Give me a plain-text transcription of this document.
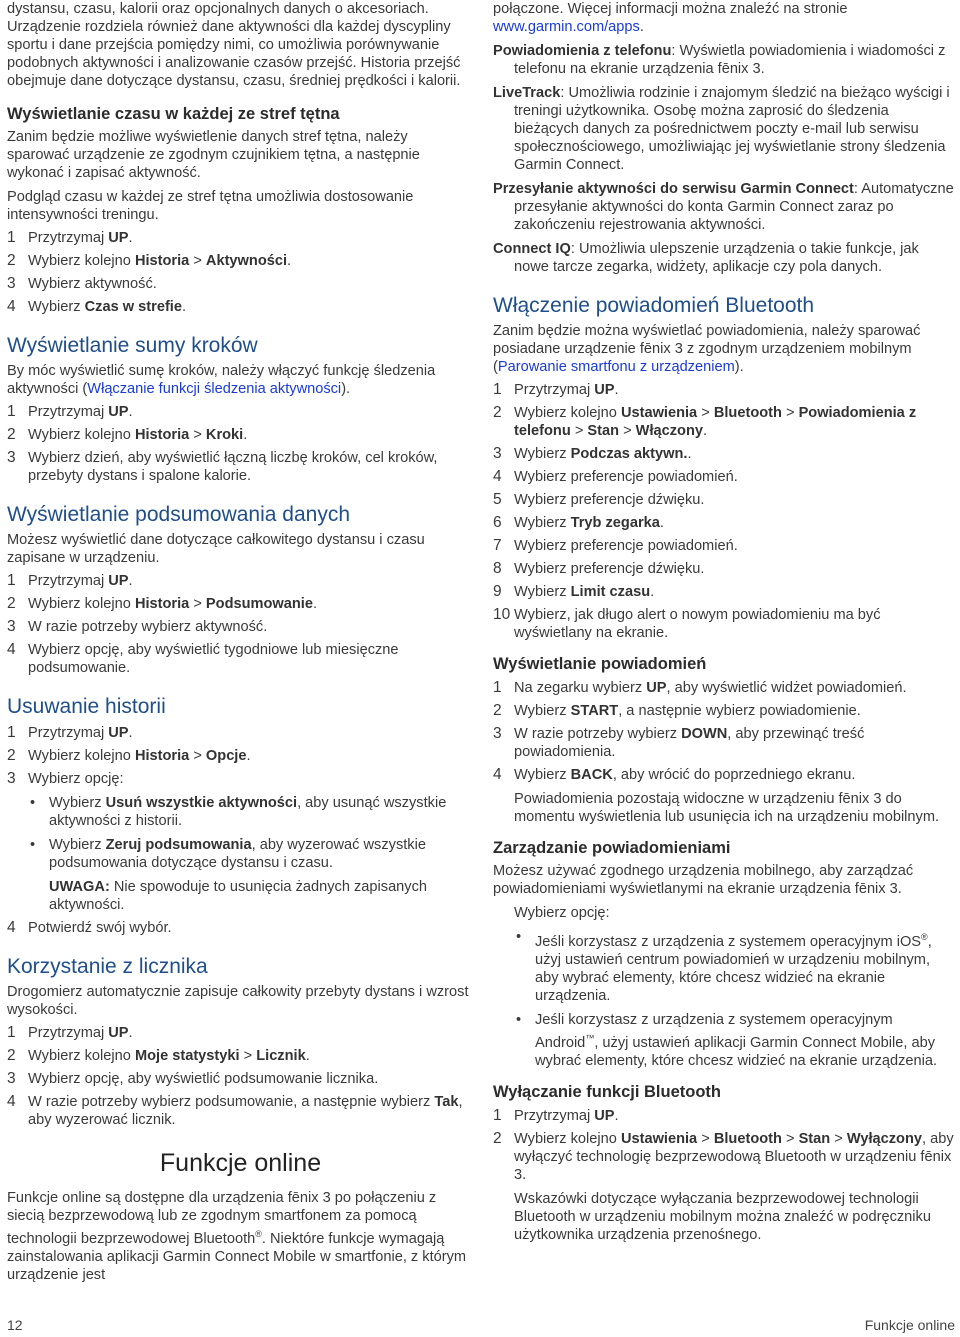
dystansu, czasu, kalorii oraz opcjonalnych danych o akcesoriach. Urządzenie rozdziela również dane aktywności dla każdej dyscypliny sportu i dane przejścia pomiędzy nimi, co umożliwia porównywanie podobnych aktywności i analizowanie czasów przejść. Historia przejść obejmuje dane dotyczące dystansu, czasu, średniej prędkości i kalorii.

Wyświetlanie czasu w każdej ze stref tętna

Zanim będzie możliwe wyświetlenie danych stref tętna, należy sparować urządzenie ze zgodnym czujnikiem tętna, a następnie wykonać i zapisać aktywność.

Podgląd czasu w każdej ze stref tętna umożliwia dostosowanie intensywności treningu.

1 Przytrzymaj UP.
2 Wybierz kolejno Historia > Aktywności.
3 Wybierz aktywność.
4 Wybierz Czas w strefie.
Wyświetlanie sumy kroków

By móc wyświetlić sumę kroków, należy włączyć funkcję śledzenia aktywności (Włączanie funkcji śledzenia aktywności).

1 Przytrzymaj UP.
2 Wybierz kolejno Historia > Kroki.
3 Wybierz dzień, aby wyświetlić łączną liczbę kroków, cel kroków, przebyty dystans i spalone kalorie.
Wyświetlanie podsumowania danych

Możesz wyświetlić dane dotyczące całkowitego dystansu i czasu zapisane w urządzeniu.

1 Przytrzymaj UP.
2 Wybierz kolejno Historia > Podsumowanie.
3 W razie potrzeby wybierz aktywność.
4 Wybierz opcję, aby wyświetlić tygodniowe lub miesięczne podsumowanie.
Usuwanie historii
1 Przytrzymaj UP.
2 Wybierz kolejno Historia > Opcje.
3 Wybierz opcję:
• Wybierz Usuń wszystkie aktywności, aby usunąć wszystkie aktywności z historii.
• Wybierz Zeruj podsumowania, aby wyzerować wszystkie podsumowania dotyczące dystansu i czasu.
UWAGA: Nie spowoduje to usunięcia żadnych zapisanych aktywności.
4 Potwierdź swój wybór.
Korzystanie z licznika

Drogomierz automatycznie zapisuje całkowity przebyty dystans i wzrost wysokości.

1 Przytrzymaj UP.
2 Wybierz kolejno Moje statystyki > Licznik.
3 Wybierz opcję, aby wyświetlić podsumowanie licznika.
4 W razie potrzeby wybierz podsumowanie, a następnie wybierz Tak, aby wyzerować licznik.
Funkcje online

Funkcje online są dostępne dla urządzenia fēnix 3 po połączeniu z siecią bezprzewodową lub ze zgodnym smartfonem za pomocą technologii bezprzewodowej Bluetooth®. Niektóre funkcje wymagają zainstalowania aplikacji Garmin Connect Mobile w smartfonie, z którym urządzenie jest

połączone. Więcej informacji można znaleźć na stronie www.garmin.com/apps.

Powiadomienia z telefonu: Wyświetla powiadomienia i wiadomości z telefonu na ekranie urządzenia fēnix 3.
LiveTrack: Umożliwia rodzinie i znajomym śledzić na bieżąco wyścigi i treningi użytkownika. Osobę można zaprosić do śledzenia bieżących danych za pośrednictwem poczty e-mail lub serwisu społecznościowego, umożliwiając jej wyświetlanie strony śledzenia Garmin Connect.
Przesyłanie aktywności do serwisu Garmin Connect: Automatyczne przesyłanie aktywności do konta Garmin Connect zaraz po zakończeniu rejestrowania aktywności.
Connect IQ: Umożliwia ulepszenie urządzenia o takie funkcje, jak nowe tarcze zegarka, widżety, aplikacje czy pola danych.
Włączenie powiadomień Bluetooth

Zanim będzie można wyświetlać powiadomienia, należy sparować posiadane urządzenie fēnix 3 z zgodnym urządzeniem mobilnym (Parowanie smartfonu z urządzeniem).

1 Przytrzymaj UP.
2 Wybierz kolejno Ustawienia > Bluetooth > Powiadomienia z telefonu > Stan > Włączony.
3 Wybierz Podczas aktywn..
4 Wybierz preferencje powiadomień.
5 Wybierz preferencje dźwięku.
6 Wybierz Tryb zegarka.
7 Wybierz preferencje powiadomień.
8 Wybierz preferencje dźwięku.
9 Wybierz Limit czasu.
10 Wybierz, jak długo alert o nowym powiadomieniu ma być wyświetlany na ekranie.
Wyświetlanie powiadomień
1 Na zegarku wybierz UP, aby wyświetlić widżet powiadomień.
2 Wybierz START, a następnie wybierz powiadomienie.
3 W razie potrzeby wybierz DOWN, aby przewinąć treść powiadomienia.
4 Wybierz BACK, aby wrócić do poprzedniego ekranu.
Powiadomienia pozostają widoczne w urządzeniu fēnix 3 do momentu wyświetlenia lub usunięcia ich na urządzeniu mobilnym.
Zarządzanie powiadomieniami

Możesz używać zgodnego urządzenia mobilnego, aby zarządzać powiadomieniami wyświetlanymi na ekranie urządzenia fēnix 3.

Wybierz opcję:
• Jeśli korzystasz z urządzenia z systemem operacyjnym iOS®, użyj ustawień centrum powiadomień w urządzeniu mobilnym, aby wybrać elementy, które chcesz widzieć na ekranie urządzenia.
• Jeśli korzystasz z urządzenia z systemem operacyjnym Android™, użyj ustawień aplikacji Garmin Connect Mobile, aby wybrać elementy, które chcesz widzieć na ekranie urządzenia.
Wyłączanie funkcji Bluetooth
1 Przytrzymaj UP.
2 Wybierz kolejno Ustawienia > Bluetooth > Stan > Wyłączony, aby wyłączyć technologię bezprzewodową Bluetooth w urządzeniu fēnix 3.
Wskazówki dotyczące wyłączania bezprzewodowej technologii Bluetooth w urządzeniu mobilnym można znaleźć w podręczniku użytkownika urządzenia przenośnego.
12	Funkcje online
